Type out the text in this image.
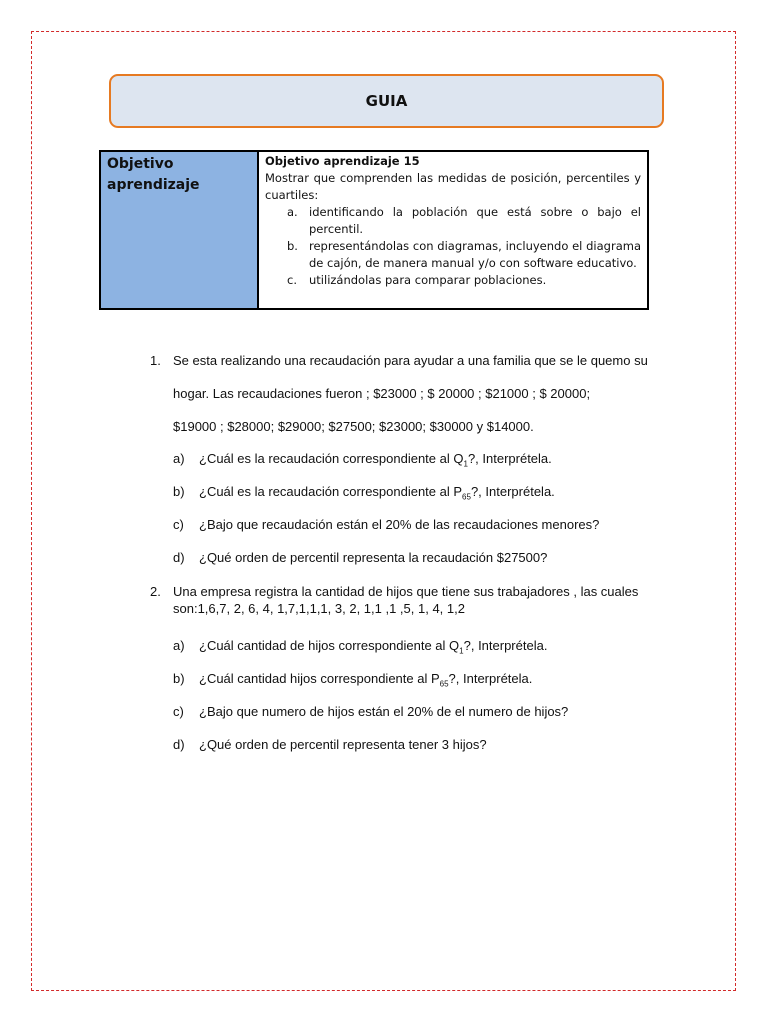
GUIA
Objetivo aprendizaje

Objetivo aprendizaje 15

Mostrar que comprenden las medidas de posición, percentiles y cuartiles:

a. identificando la población que está sobre o bajo el percentil.
b. representándolas con diagramas, incluyendo el diagrama de cajón, de manera manual y/o con software educativo.
c. utilizándolas para comparar poblaciones.
1. Se esta realizando una recaudación para ayudar a una familia que se le quemo su
hogar. Las recaudaciones fueron ; $23000 ; $ 20000 ; $21000 ; $ 20000;
$19000 ; $28000; $29000; $27500; $23000; $30000 y $14000.
a) ¿Cuál es la recaudación correspondiente al $Q_1$?, Interprétela.
b) ¿Cuál es la recaudación correspondiente al $P_{65}$?, Interprétela.
c) ¿Bajo que recaudación están el 20% de las recaudaciones menores?
d) ¿Qué orden de percentil representa la recaudación $27500?
2. Una empresa registra la cantidad de hijos que tiene sus trabajadores , las cuales
son:1,6,7, 2, 6, 4, 1,7,1,1,1, 3, 2, 1,1 ,1 ,5, 1, 4, 1,2
a) ¿Cuál cantidad de hijos correspondiente al $Q_1$?, Interprétela.
b) ¿Cuál cantidad hijos correspondiente al $P_{65}$?, Interprétela.
c) ¿Bajo que numero de hijos están el 20% de el numero de hijos?
d) ¿Qué orden de percentil representa tener 3 hijos?
